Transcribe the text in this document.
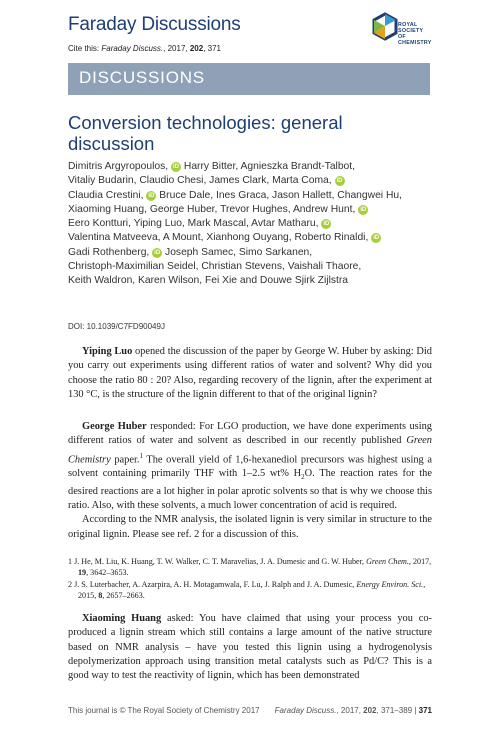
Faraday Discussions
Cite this: Faraday Discuss., 2017, 202, 371
ROYAL SOCIETY
OF CHEMISTRY
DISCUSSIONS
Conversion technologies: general discussion
Dimitris Argyropoulos, iD Harry Bitter, Agnieszka Brandt-Talbot,
Vitaliy Budarin, Claudio Chesi, James Clark, Marta Coma, iD
Claudia Crestini, iD Bruce Dale, Ines Graca, Jason Hallett, Changwei Hu,
Xiaoming Huang, George Huber, Trevor Hughes, Andrew Hunt, iD
Eero Kontturi, Yiping Luo, Mark Mascal, Avtar Matharu, iD
Valentina Matveeva, A Mount, Xianhong Ouyang, Roberto Rinaldi, iD
Gadi Rothenberg, iD Joseph Samec, Simo Sarkanen,
Christoph-Maximilian Seidel, Christian Stevens, Vaishali Thaore,
Keith Waldron, Karen Wilson, Fei Xie and Douwe Sjirk Zijlstra
DOI: 10.1039/C7FD90049J
Yiping Luo opened the discussion of the paper by George W. Huber by asking: Did you carry out experiments using different ratios of water and solvent? Why did you choose the ratio 80 : 20? Also, regarding recovery of the lignin, after the experiment at 130 °C, is the structure of the lignin different to that of the original lignin?
George Huber responded: For LGO production, we have done experiments using different ratios of water and solvent as described in our recently published Green Chemistry paper.$^1$ The overall yield of 1,6-hexanediol precursors was highest using a solvent containing primarily THF with 1–2.5 wt% $H_2O$. The reaction rates for the desired reactions are a lot higher in polar aprotic solvents so that is why we choose this ratio. Also, with these solvents, a much lower concentration of acid is required.
According to the NMR analysis, the isolated lignin is very similar in structure to the original lignin. Please see ref. 2 for a discussion of this.
1 J. He, M. Liu, K. Huang, T. W. Walker, C. T. Maravelias, J. A. Dumesic and G. W. Huber, Green Chem., 2017, 19, 3642–3653.
2 J. S. Luterbacher, A. Azarpira, A. H. Motagamwala, F. Lu, J. Ralph and J. A. Dumesic, Energy Environ. Sci., 2015, 8, 2657–2663.
Xiaoming Huang asked: You have claimed that using your process you co-produced a lignin stream which still contains a large amount of the native structure based on NMR analysis – have you tested this lignin using a hydrogenolysis depolymerization approach using transition metal catalysts such as Pd/C? This is a good way to test the reactivity of lignin, which has been demonstrated
This journal is © The Royal Society of Chemistry 2017 Faraday Discuss., 2017, 202, 371–389 | 371
